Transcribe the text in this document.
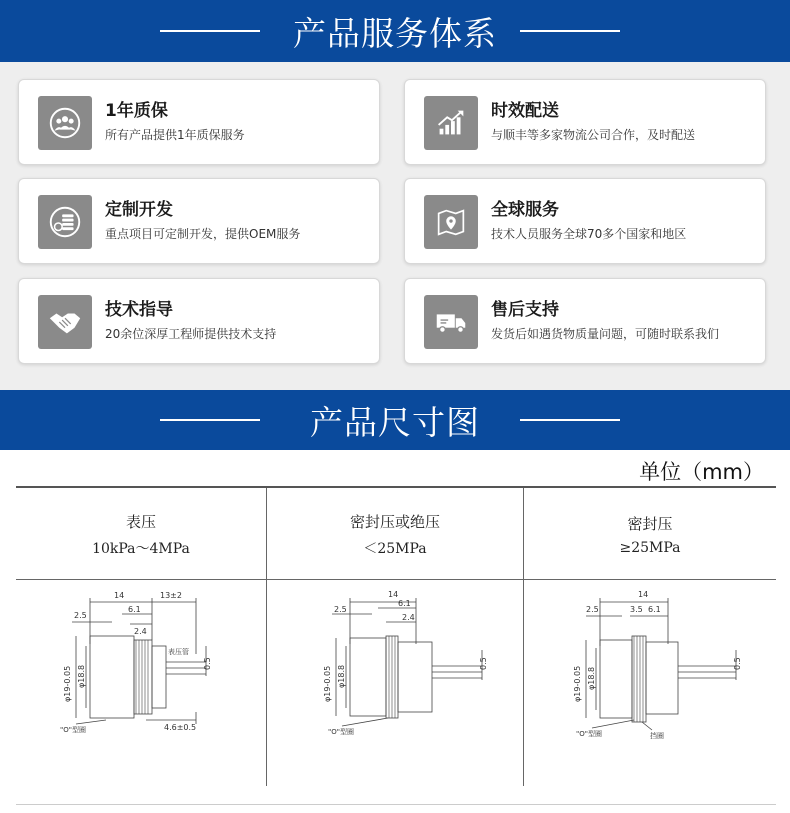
产品服务体系
1年质保
所有产品提供1年质保服务
时效配送
与顺丰等多家物流公司合作，及时配送
定制开发
重点项目可定制开发，提供OEM服务
全球服务
技术人员服务全球70多个国家和地区
技术指导
20余位深厚工程师提供技术支持
售后支持
发货后如遇货物质量问题，可随时联系我们
产品尺寸图
单位（mm）
表压
10kPa～4MPa
密封压或绝压
＜25MPa
密封压
≥25MPa
14	13±2
2.5
6.1
2.4
φ19-0.05 φ18.8
表压管
0.5
"O"型圈	4.6±0.5
14
2.5
6.1
2.4
φ19-0.05 φ18.8
0.5
"O"型圈
14
2.5	3.5 6.1
φ19-0.05 φ18.8
0.5
"O"型圈	挡圈
